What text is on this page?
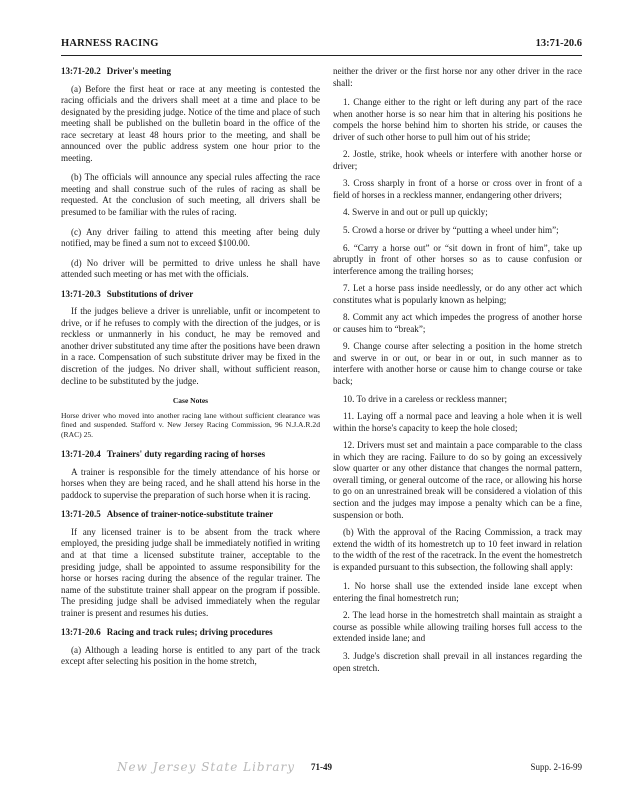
HARNESS RACING	13:71-20.6
13:71-20.2 Driver's meeting

(a) Before the first heat or race at any meeting is contested the racing officials and the drivers shall meet at a time and place to be designated by the presiding judge. Notice of the time and place of such meeting shall be published on the bulletin board in the office of the race secretary at least 48 hours prior to the meeting, and shall be announced over the public address system one hour prior to the meeting.

(b) The officials will announce any special rules affecting the race meeting and shall construe such of the rules of racing as shall be requested. At the conclusion of such meeting, all drivers shall be presumed to be familiar with the rules of racing.

(c) Any driver failing to attend this meeting after being duly notified, may be fined a sum not to exceed $100.00.

(d) No driver will be permitted to drive unless he shall have attended such meeting or has met with the officials.

13:71-20.3 Substitutions of driver

If the judges believe a driver is unreliable, unfit or incompetent to drive, or if he refuses to comply with the direction of the judges, or is reckless or unmannerly in his conduct, he may be removed and another driver substituted any time after the positions have been drawn in a race. Compensation of such substitute driver may be fixed in the discretion of the judges. No driver shall, without sufficient reason, decline to be substituted by the judge.

Case Notes
Horse driver who moved into another racing lane without sufficient clearance was fined and suspended. Stafford v. New Jersey Racing Commission, 96 N.J.A.R.2d (RAC) 25.
13:71-20.4 Trainers' duty regarding racing of horses

A trainer is responsible for the timely attendance of his horse or horses when they are being raced, and he shall attend his horse in the paddock to supervise the preparation of such horse when it is racing.

13:71-20.5 Absence of trainer-notice-substitute trainer

If any licensed trainer is to be absent from the track where employed, the presiding judge shall be immediately notified in writing and at that time a licensed substitute trainer, acceptable to the presiding judge, shall be appointed to assume responsibility for the horse or horses racing during the absence of the regular trainer. The name of the substitute trainer shall appear on the program if possible. The presiding judge shall be advised immediately when the regular trainer is present and resumes his duties.

13:71-20.6 Racing and track rules; driving procedures

(a) Although a leading horse is entitled to any part of the track except after selecting his position in the home stretch,

neither the driver or the first horse nor any other driver in the race shall:

1. Change either to the right or left during any part of the race when another horse is so near him that in altering his positions he compels the horse behind him to shorten his stride, or causes the driver of such other horse to pull him out of his stride;

2. Jostle, strike, hook wheels or interfere with another horse or driver;

3. Cross sharply in front of a horse or cross over in front of a field of horses in a reckless manner, endangering other drivers;

4. Swerve in and out or pull up quickly;

5. Crowd a horse or driver by “putting a wheel under him”;

6. “Carry a horse out” or “sit down in front of him”, take up abruptly in front of other horses so as to cause confusion or interference among the trailing horses;

7. Let a horse pass inside needlessly, or do any other act which constitutes what is popularly known as helping;

8. Commit any act which impedes the progress of another horse or causes him to “break”;

9. Change course after selecting a position in the home stretch and swerve in or out, or bear in or out, in such manner as to interfere with another horse or cause him to change course or take back;

10. To drive in a careless or reckless manner;

11. Laying off a normal pace and leaving a hole when it is well within the horse's capacity to keep the hole closed;

12. Drivers must set and maintain a pace comparable to the class in which they are racing. Failure to do so by going an excessively slow quarter or any other distance that changes the normal pattern, overall timing, or general outcome of the race, or allowing his horse to go on an unrestrained break will be considered a violation of this section and the judges may impose a penalty which can be a fine, suspension or both.

(b) With the approval of the Racing Commission, a track may extend the width of its homestretch up to 10 feet inward in relation to the width of the rest of the racetrack. In the event the homestretch is expanded pursuant to this subsection, the following shall apply:

1. No horse shall use the extended inside lane except when entering the final homestretch run;

2. The lead horse in the homestretch shall maintain as straight a course as possible while allowing trailing horses full access to the extended inside lane; and

3. Judge's discretion shall prevail in all instances regarding the open stretch.

New Jersey State Library 71-49	Supp. 2-16-99
